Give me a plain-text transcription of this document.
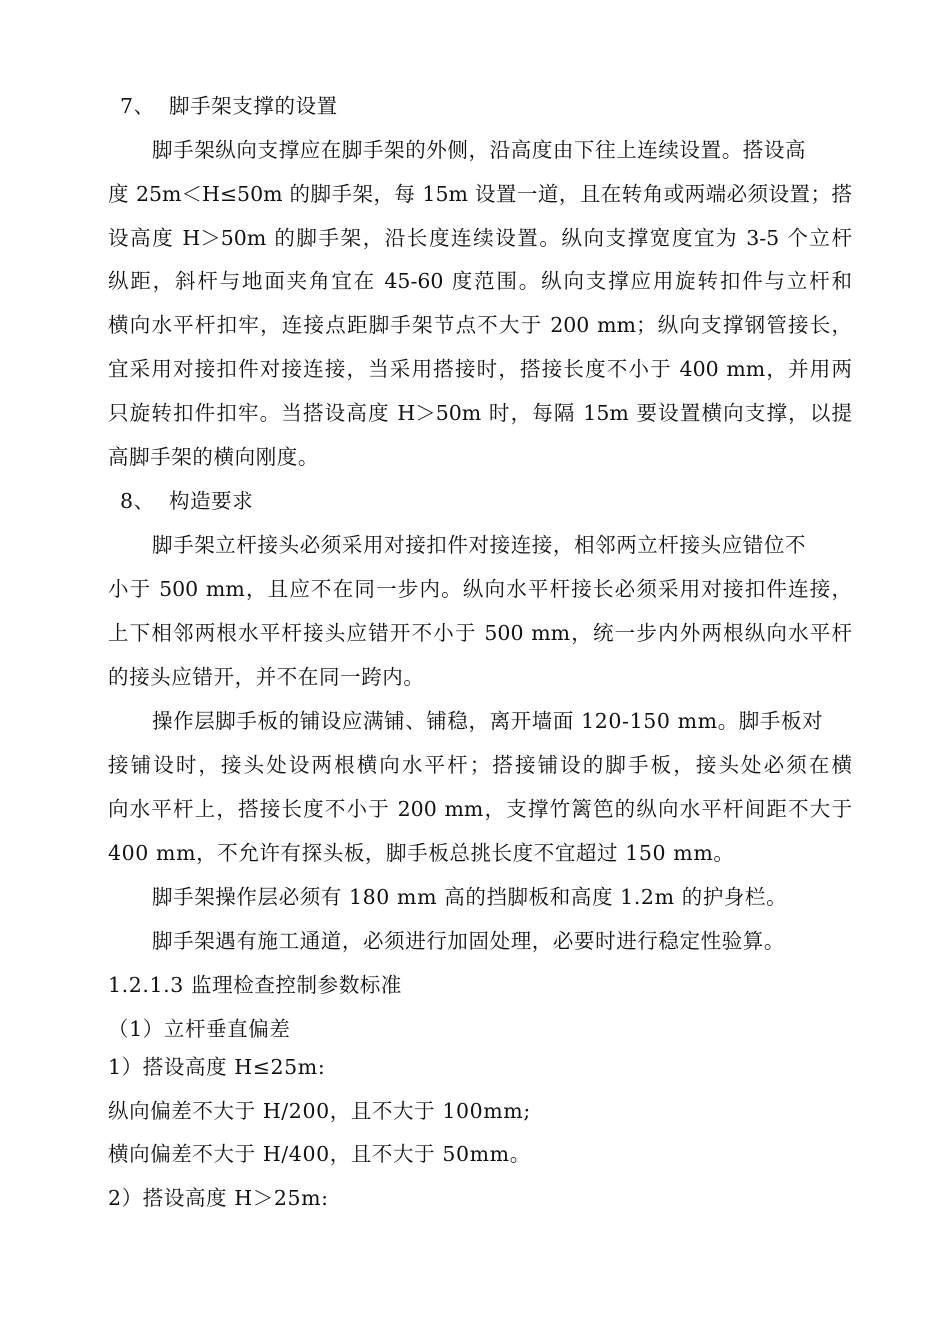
7、  脚手架支撑的设置
脚手架纵向支撑应在脚手架的外侧，沿高度由下往上连续设置。搭设高
度 25m＜H≤50m 的脚手架，每 15m 设置一道，且在转角或两端必须设置；搭
设高度 H＞50m 的脚手架，沿长度连续设置。纵向支撑宽度宜为 3-5 个立杆
纵距，斜杆与地面夹角宜在 45-60 度范围。纵向支撑应用旋转扣件与立杆和
横向水平杆扣牢，连接点距脚手架节点不大于 200 mm；纵向支撑钢管接长，
宜采用对接扣件对接连接，当采用搭接时，搭接长度不小于 400 mm，并用两
只旋转扣件扣牢。当搭设高度 H＞50m 时，每隔 15m 要设置横向支撑，以提
高脚手架的横向刚度。
8、  构造要求
脚手架立杆接头必须采用对接扣件对接连接，相邻两立杆接头应错位不
小于 500 mm，且应不在同一步内。纵向水平杆接长必须采用对接扣件连接，
上下相邻两根水平杆接头应错开不小于 500 mm，统一步内外两根纵向水平杆
的接头应错开，并不在同一跨内。
操作层脚手板的铺设应满铺、铺稳，离开墙面 120-150 mm。脚手板对
接铺设时，接头处设两根横向水平杆；搭接铺设的脚手板，接头处必须在横
向水平杆上，搭接长度不小于 200 mm，支撑竹篱笆的纵向水平杆间距不大于
400 mm，不允许有探头板，脚手板总挑长度不宜超过 150 mm。
脚手架操作层必须有 180 mm 高的挡脚板和高度 1.2m 的护身栏。
脚手架遇有施工通道，必须进行加固处理，必要时进行稳定性验算。
1.2.1.3 监理检查控制参数标准
（1）立杆垂直偏差
1）搭设高度 H≤25m:
纵向偏差不大于 H/200，且不大于 100mm;
横向偏差不大于 H/400，且不大于 50mm。
2）搭设高度 H＞25m:
